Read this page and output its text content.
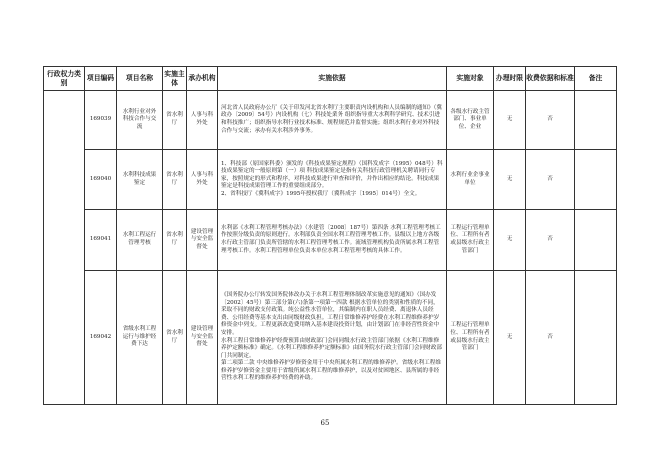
行政权力类别	项目编码	项目名称	实施主体	承办机构	实施依据	实施对象	办理时限	收费依据和标准	备注
	169039	水利行业对外科技合作与交流	省水利厅	人事与科外处	河北省人民政府办公厅《关于印发河北省水利厅主要职责内设机构和人员编制的通知》（冀政办〔2009〕54号）内设机构（七）科技处業务 组织指导重大水利科学研究、技术引进和科技推广；组织指导水利行业技术标准、规程规范并监督实施；组织水利行业对外科技合作与交流；承办有关水利涉外事务。	各级水行政主管部门、事业单位、企业	无	否	
	169040	水利科技成果鉴定	省水利厅	人事与科外处	1、科技部（原国家科委）颁发的《科技成果鉴定规程》（国科发成字（1995）048号）科技成果鉴定的一般原则第（一）项 科技成果鉴定是指有关科技行政管理机关聘请同行专家，按照规定的形式和程序，对科技成果进行审查和评价，并作出相应的结论。科技成果鉴定是科技成果管理工作的重要组成部分。
2、省科技厅《冀科成字》1995年授权我厅（冀科成字〔1995〕014号）全文。	水利行业企事业单位	无	否	
	169041	水利工程运行管理考核	省水利厅	建设管理与安全监督处	水利部《水利工程管理考核办法》（水建管〔2008〕187号）第四条 水利工程管理考核工作按照分级负责的原则进行。水利部负责全国水利工程管理考核工作。县级以上地方各级水行政主管部门负责所管辖的水利工程管理考核工作。流域管理机构负责所属水利工程管理考核工作。水利工程管理单位负责本单位水利工程管理考核的具体工作。	工程运行管理单位、工程所有者或县级水行政主管部门	无	否	
	169042	省级水利工程运行与维护经费下达	省水利厅	建设管理与安全监督处	《国务院办公厅转发国务院体改办关于水利工程管理体制改革实施意见的通知》（国办发〔2002〕45号）第三部分第(六)条第一项第一四款 根据水管单位的类别和性质的不同，采取不同的财政支付政策。纯公益性水管单位，其编制内在职人员经费、离退休人员经费、公用经费等基本支出由同级财政负担。工程日常维修养护经费在水利工程维修养护岁修资金中列支。工程更新改造费用纳入基本建设投资计划，由计划部门在非经营性资金中安排。
水利工程日常维修养护经费预算由财政部门会同同级水行政主管部门依据《水利工程维修养护定额标准》确定。《水利工程维修养护定额标准》由国务院水行政主管部门会同财政部门共同制定。
第二项第二款 中央维修养护岁修资金用于中央所属水利工程的维修养护。省级水利工程维修养护岁修资金主要用于省级所属水利工程的维修养护，以及对贫困地区、县所属的非经营性水利工程的维修养护经费的补助。	工程运行管理单位、工程所有者或县级水行政主管部门	无	否	
65
